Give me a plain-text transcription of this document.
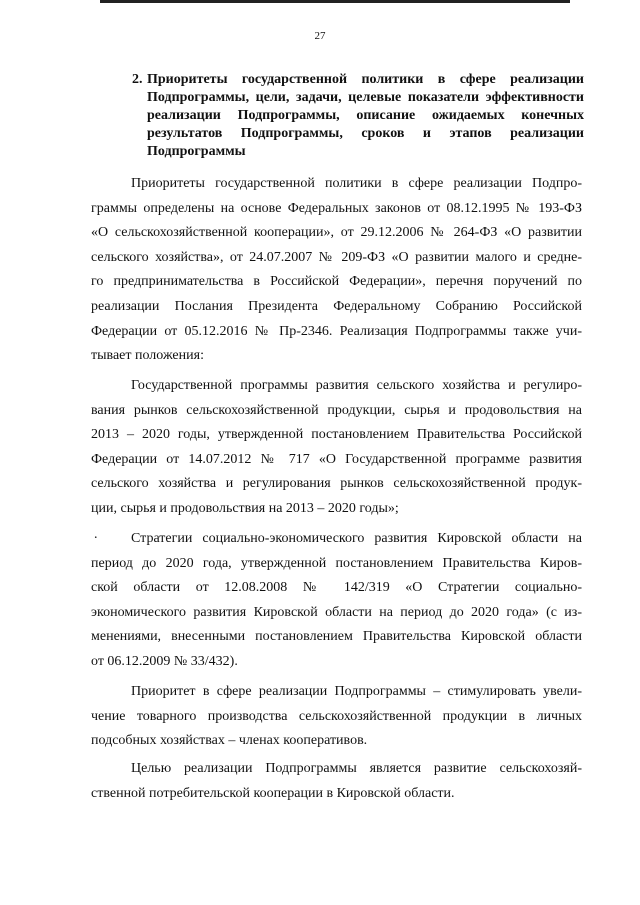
27
2. Приоритеты государственной политики в сфере реализации
Подпрограммы, цели, задачи, целевые показатели эффективности
реализации Подпрограммы, описание ожидаемых конечных
результатов Подпрограммы, сроков и этапов реализации
Подпрограммы

Приоритеты государственной политики в сфере реализации Подпро-
граммы определены на основе Федеральных законов от 08.12.1995 № 193-ФЗ
«О сельскохозяйственной кооперации», от 29.12.2006 № 264-ФЗ «О развитии
сельского хозяйства», от 24.07.2007 № 209-ФЗ «О развитии малого и средне-
го предпринимательства в Российской Федерации», перечня поручений по
реализации Послания Президента Федеральному Собранию Российской
Федерации от 05.12.2016 № Пр-2346. Реализация Подпрограммы также учи-
тывает положения:

Государственной программы развития сельского хозяйства и регулиро-
вания рынков сельскохозяйственной продукции, сырья и продовольствия на
2013 – 2020 годы, утвержденной постановлением Правительства Российской
Федерации от 14.07.2012 № 717 «О Государственной программе развития
сельского хозяйства и регулирования рынков сельскохозяйственной продук-
ции, сырья и продовольствия на 2013 – 2020 годы»;

.	Стратегии социально-экономического развития Кировской области на
период до 2020 года, утвержденной постановлением Правительства Киров-
ской области от 12.08.2008 № 142/319 «О Стратегии социально-
экономического развития Кировской области на период до 2020 года» (с из-
менениями, внесенными постановлением Правительства Кировской области
от 06.12.2009 № 33/432).

Приоритет в сфере реализации Подпрограммы – стимулировать увели-
чение товарного производства сельскохозяйственной продукции в личных
подсобных хозяйствах – членах кооперативов.

Целью реализации Подпрограммы является развитие сельскохозяй-
ственной потребительской кооперации в Кировской области.
